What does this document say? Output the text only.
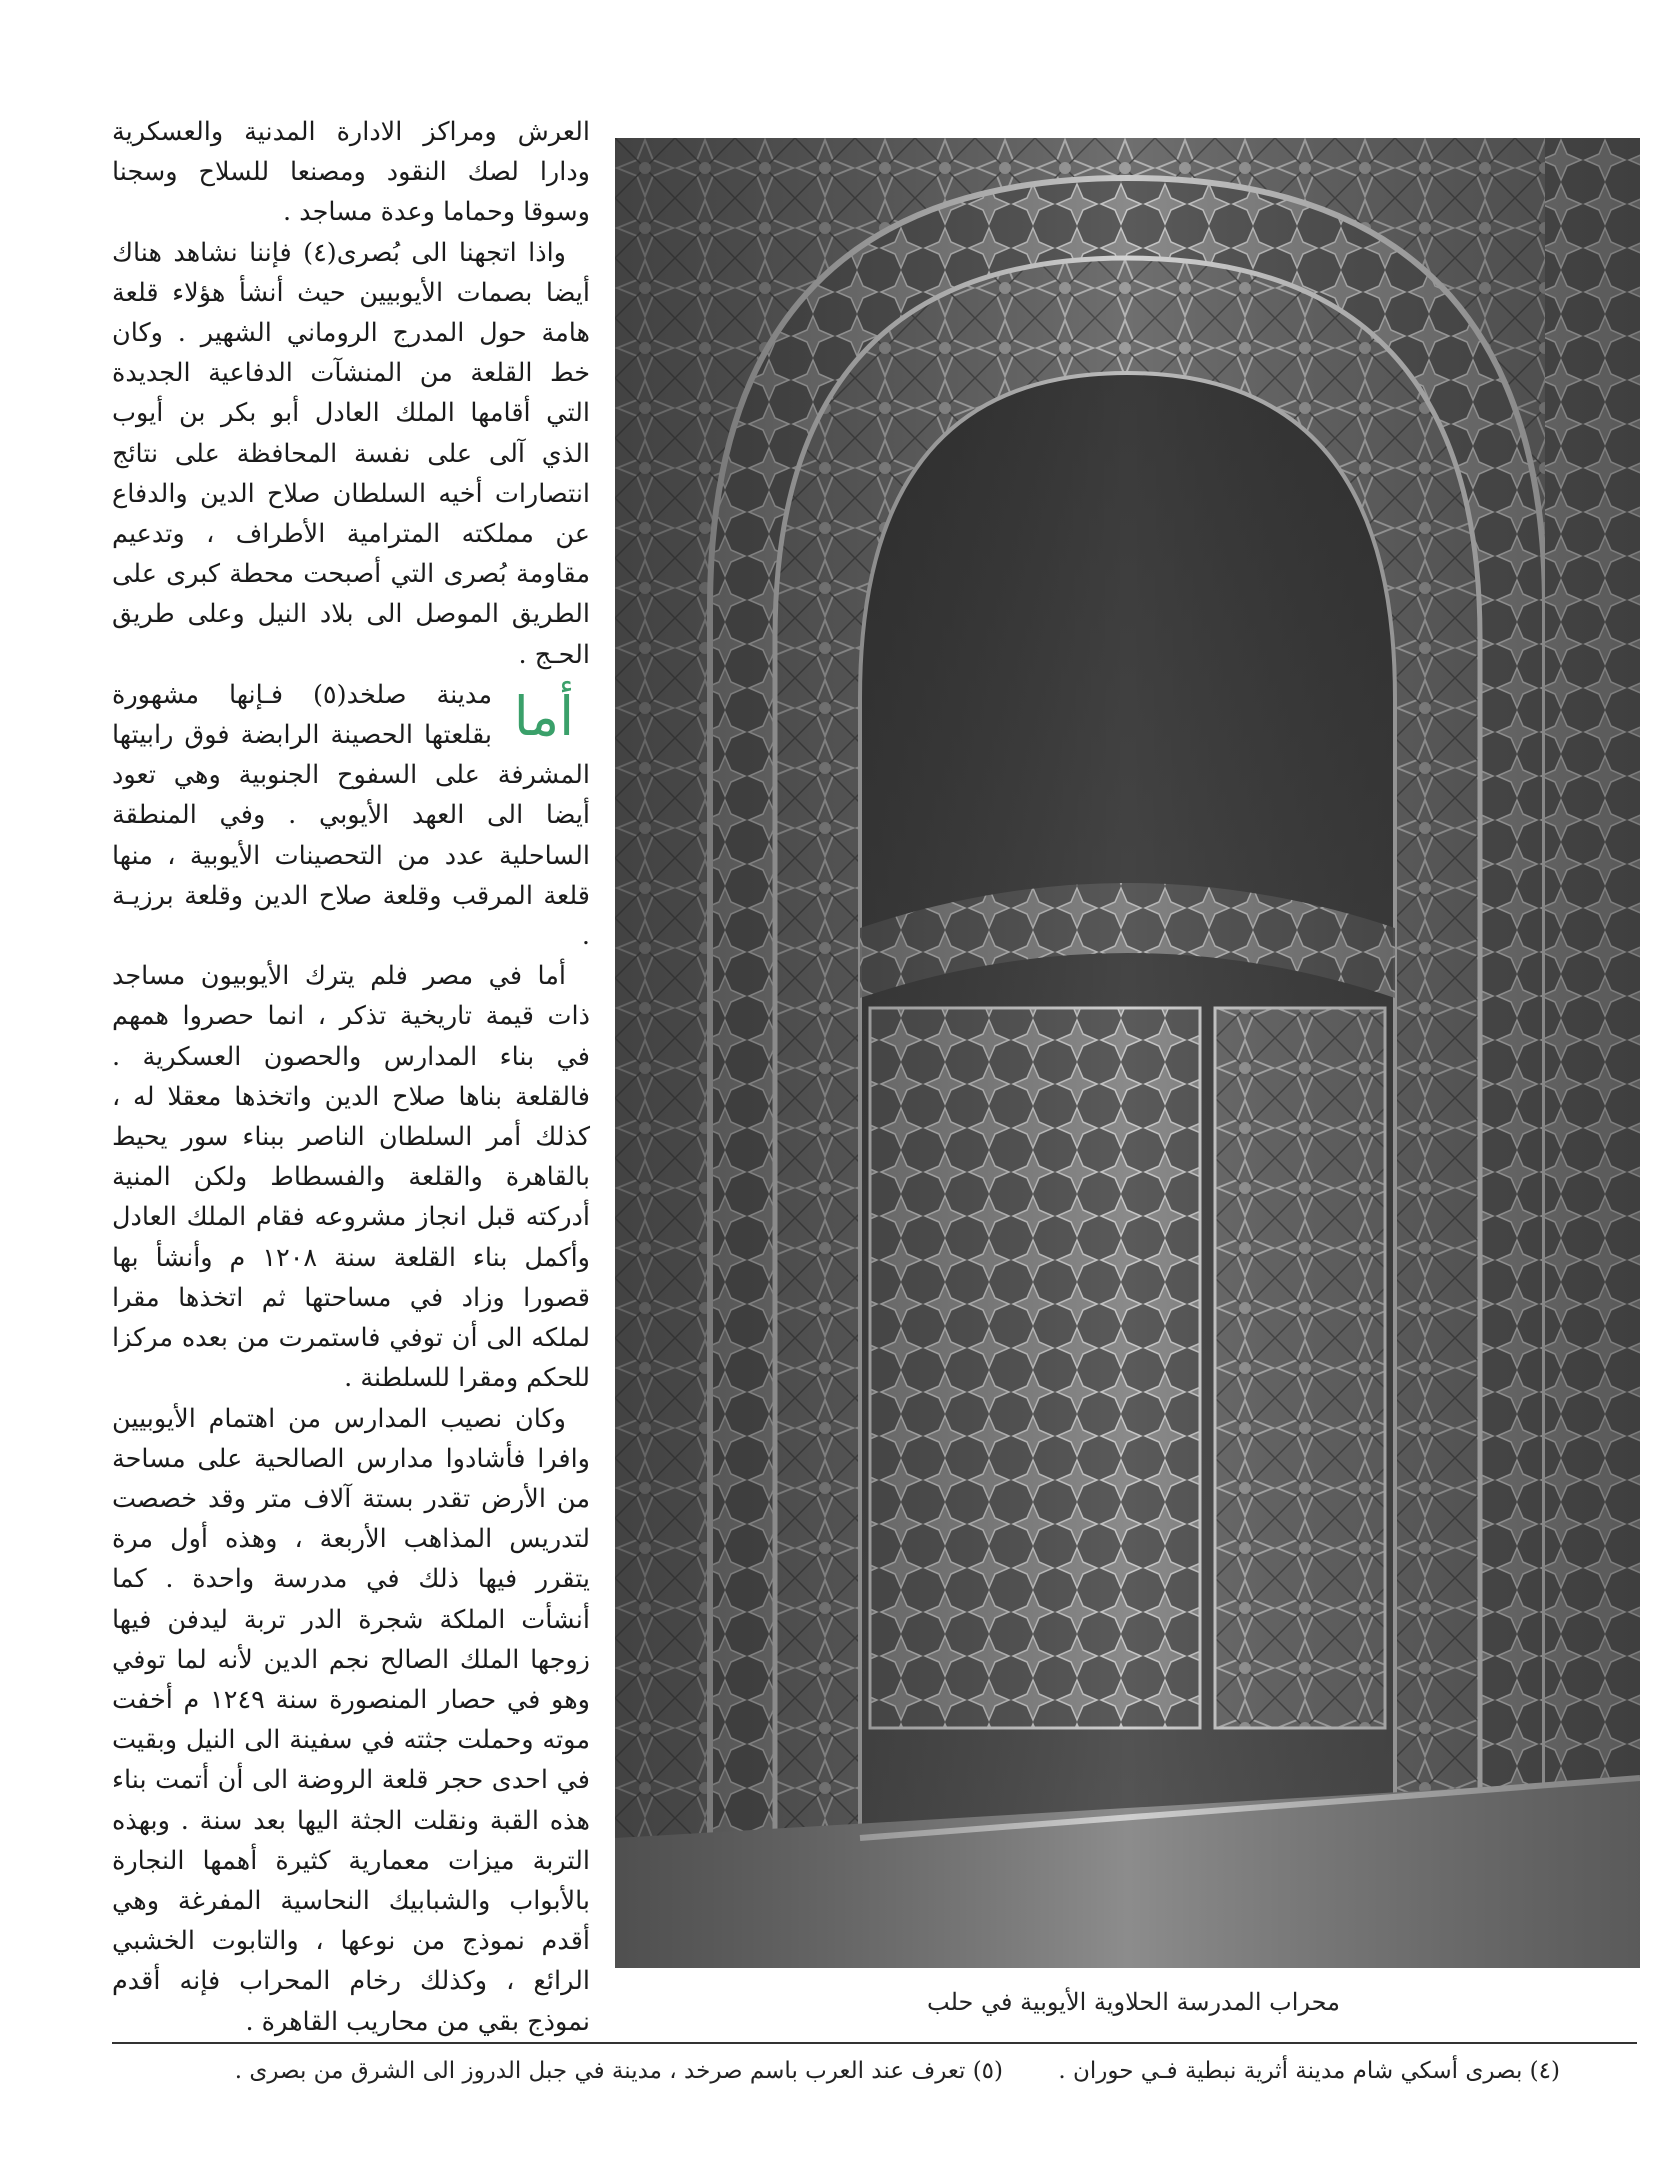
العرش ومراكز الادارة المدنية والعسكرية ودارا لصك النقود ومصنعا للسلاح وسجنا وسوقا وحماما وعدة مساجد .

واذا اتجهنا الى بُصرى(٤) فإننا نشاهد هناك أيضا بصمات الأيوبيين حيث أنشأ هؤلاء قلعة هامة حول المدرج الروماني الشهير . وكان خط القلعة من المنشآت الدفاعية الجديدة التي أقامها الملك العادل أبو بكر بن أيوب الذي آلى على نفسة المحافظة على نتائج انتصارات أخيه السلطان صلاح الدين والدفاع عن مملكته المترامية الأطراف ، وتدعيم مقاومة بُصرى التي أصبحت محطة كبرى على الطريق الموصل الى بلاد النيل وعلى طريق الحـج .

أما
مدينة صلخد(٥) فـإنها مشهورة بقلعتها الحصينة الرابضة فوق رابيتها المشرفة على السفوح الجنوبية وهي تعود أيضا الى العهد الأيوبي . وفي المنطقة الساحلية عدد من التحصينات الأيوبية ، منها قلعة المرقب وقلعة صلاح الدين وقلعة برزيـة .

أما في مصر فلم يترك الأيوبيون مساجد ذات قيمة تاريخية تذكر ، انما حصروا همهم في بناء المدارس والحصون العسكرية . فالقلعة بناها صلاح الدين واتخذها معقلا له ، كذلك أمر السلطان الناصر ببناء سور يحيط بالقاهرة والقلعة والفسطاط ولكن المنية أدركته قبل انجاز مشروعه فقام الملك العادل وأكمل بناء القلعة سنة ١٢٠٨ م وأنشأ بها قصورا وزاد في مساحتها ثم اتخذها مقرا لملكه الى أن توفي فاستمرت من بعده مركزا للحكم ومقرا للسلطنة .

وكان نصيب المدارس من اهتمام الأيوبيين وافرا فأشادوا مدارس الصالحية على مساحة من الأرض تقدر بستة آلاف متر وقد خصصت لتدريس المذاهب الأربعة ، وهذه أول مرة يتقرر فيها ذلك في مدرسة واحدة . كما أنشأت الملكة شجرة الدر تربة ليدفن فيها زوجها الملك الصالح نجم الدين لأنه لما توفي وهو في حصار المنصورة سنة ١٢٤٩ م أخفت موته وحملت جثته في سفينة الى النيل وبقيت في احدى حجر قلعة الروضة الى أن أتمت بناء هذه القبة ونقلت الجثة اليها بعد سنة . وبهذه التربة ميزات معمارية كثيرة أهمها النجارة بالأبواب والشبابيك النحاسية المفرغة وهي أقدم نموذج من نوعها ، والتابوت الخشبي الرائع ، وكذلك رخام المحراب فإنه أقدم نموذج بقي من محاريب القاهرة .

محراب المدرسة الحلاوية الأيوبية في حلب
(٤) بصرى أسكي شام مدينة أثرية نبطية فـي حوران . (٥) تعرف عند العرب باسم صرخد ، مدينة في جبل الدروز الى الشرق من بصرى .
